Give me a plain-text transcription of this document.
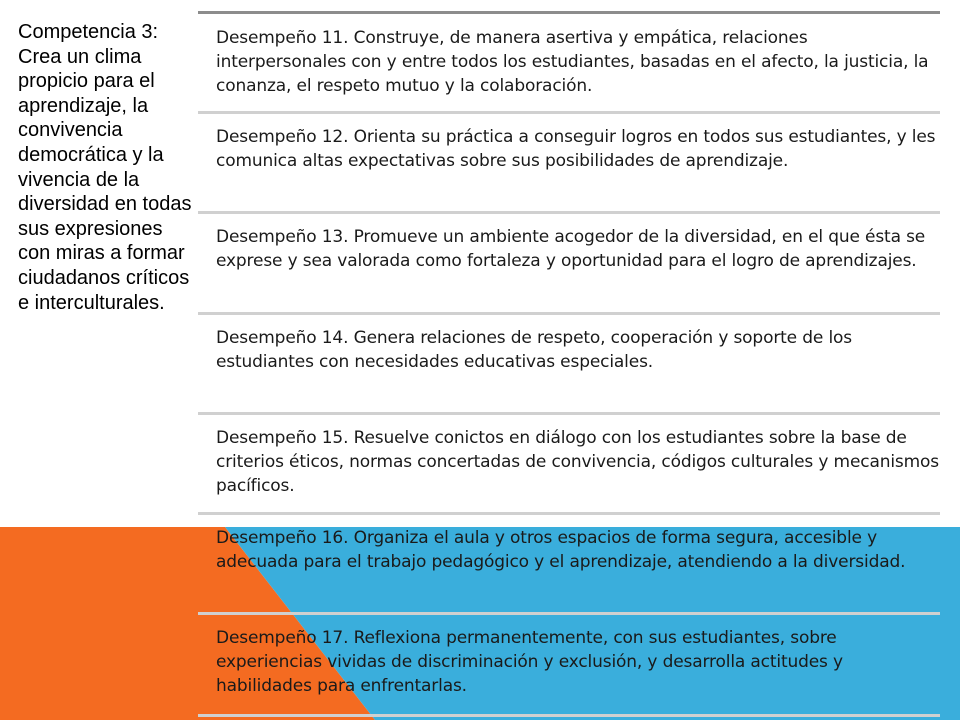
Competencia 3: Crea un clima propicio para el aprendizaje, la convivencia democrática y la vivencia de la diversidad en todas sus expresiones con miras a formar ciudadanos críticos e interculturales.

Desempeño 11. Construye, de manera asertiva y empática, relaciones interpersonales con y entre todos los estudiantes, basadas en el afecto, la justicia, la conanza, el respeto mutuo y la colaboración.

Desempeño 12. Orienta su práctica a conseguir logros en todos sus estudiantes, y les comunica altas expectativas sobre sus posibilidades de aprendizaje.

Desempeño 13. Promueve un ambiente acogedor de la diversidad, en el que ésta se exprese y sea valorada como fortaleza y oportunidad para el logro de aprendizajes.

Desempeño 14. Genera relaciones de respeto, cooperación y soporte de los estudiantes con necesidades educativas especiales.

Desempeño 15. Resuelve conictos en diálogo con los estudiantes sobre la base de criterios éticos, normas concertadas de convivencia, códigos culturales y mecanismos pacíficos.

Desempeño 16. Organiza el aula y otros espacios de forma segura, accesible y adecuada para el trabajo pedagógico y el aprendizaje, atendiendo a la diversidad.

Desempeño 17. Reflexiona permanentemente, con sus estudiantes, sobre experiencias vividas de discriminación y exclusión, y desarrolla actitudes y habilidades para enfrentarlas.
